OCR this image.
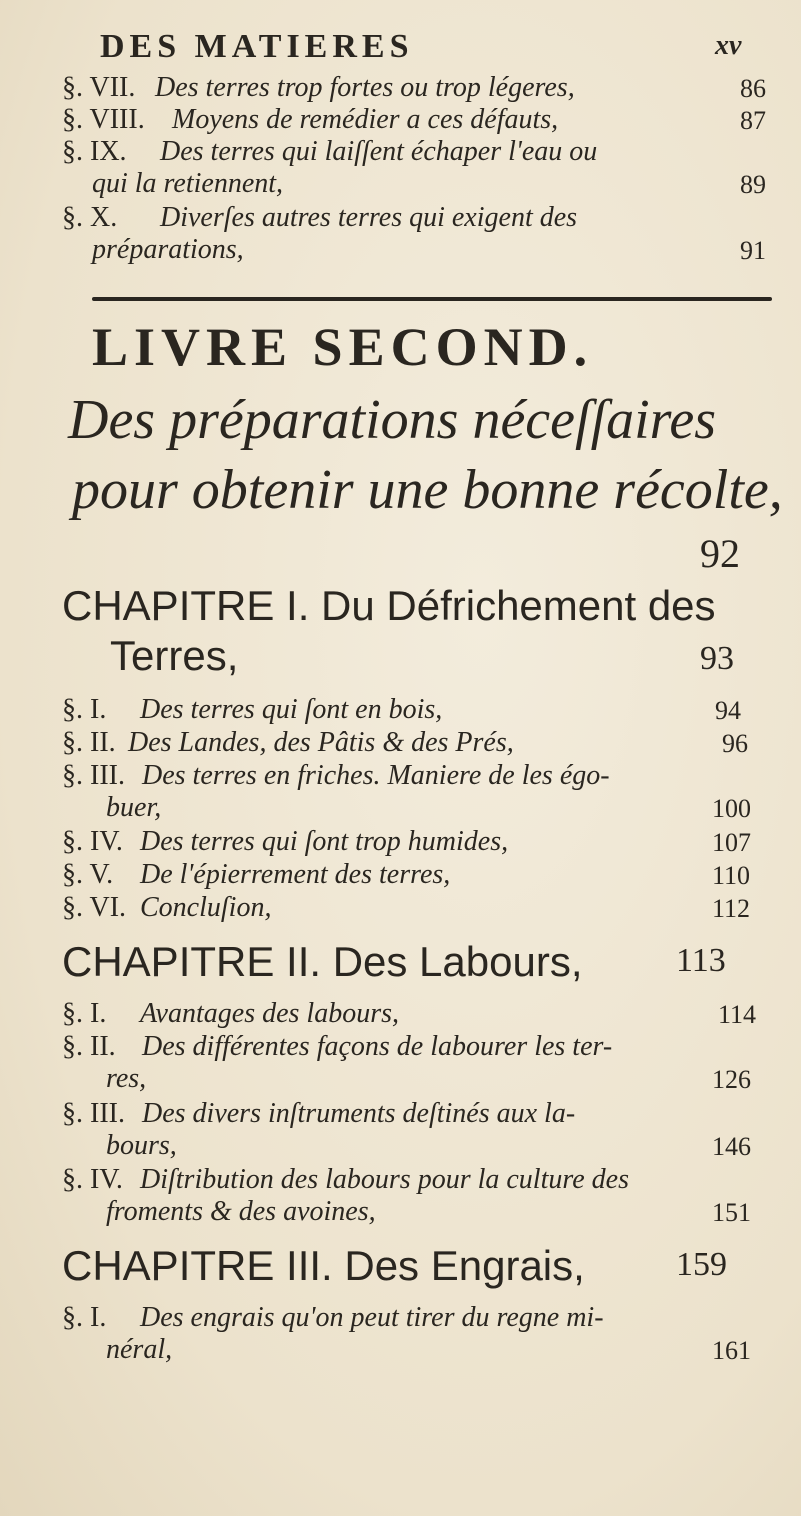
DES MATIERES	xv
§. VII. Des terres trop fortes ou trop légeres,	86
§. VIII. Moyens de remédier a ces défauts,	87
§. IX. Des terres qui laiſſent échaper l'eau ou
qui la retiennent,	89
§. X. Diverſes autres terres qui exigent des
préparations,	91
LIVRE SECOND.
Des préparations néceſſaires
pour obtenir une bonne récolte,
92
CHAPITRE I. Du Défrichement des
Terres,	93
§. I. Des terres qui ſont en bois,	94
§. II. Des Landes, des Pâtis & des Prés,	96
§. III. Des terres en friches. Maniere de les égo-
buer,	100
§. IV. Des terres qui ſont trop humides,	107
§. V. De l'épierrement des terres,	110
§. VI. Concluſion,	112
CHAPITRE II. Des Labours,	113
§. I. Avantages des labours,	114
§. II. Des différentes façons de labourer les ter-
res,	126
§. III. Des divers inſtruments deſtinés aux la-
bours,	146
§. IV. Diſtribution des labours pour la culture des
froments & des avoines,	151
CHAPITRE III. Des Engrais,	159
§. I. Des engrais qu'on peut tirer du regne mi-
néral,	161
